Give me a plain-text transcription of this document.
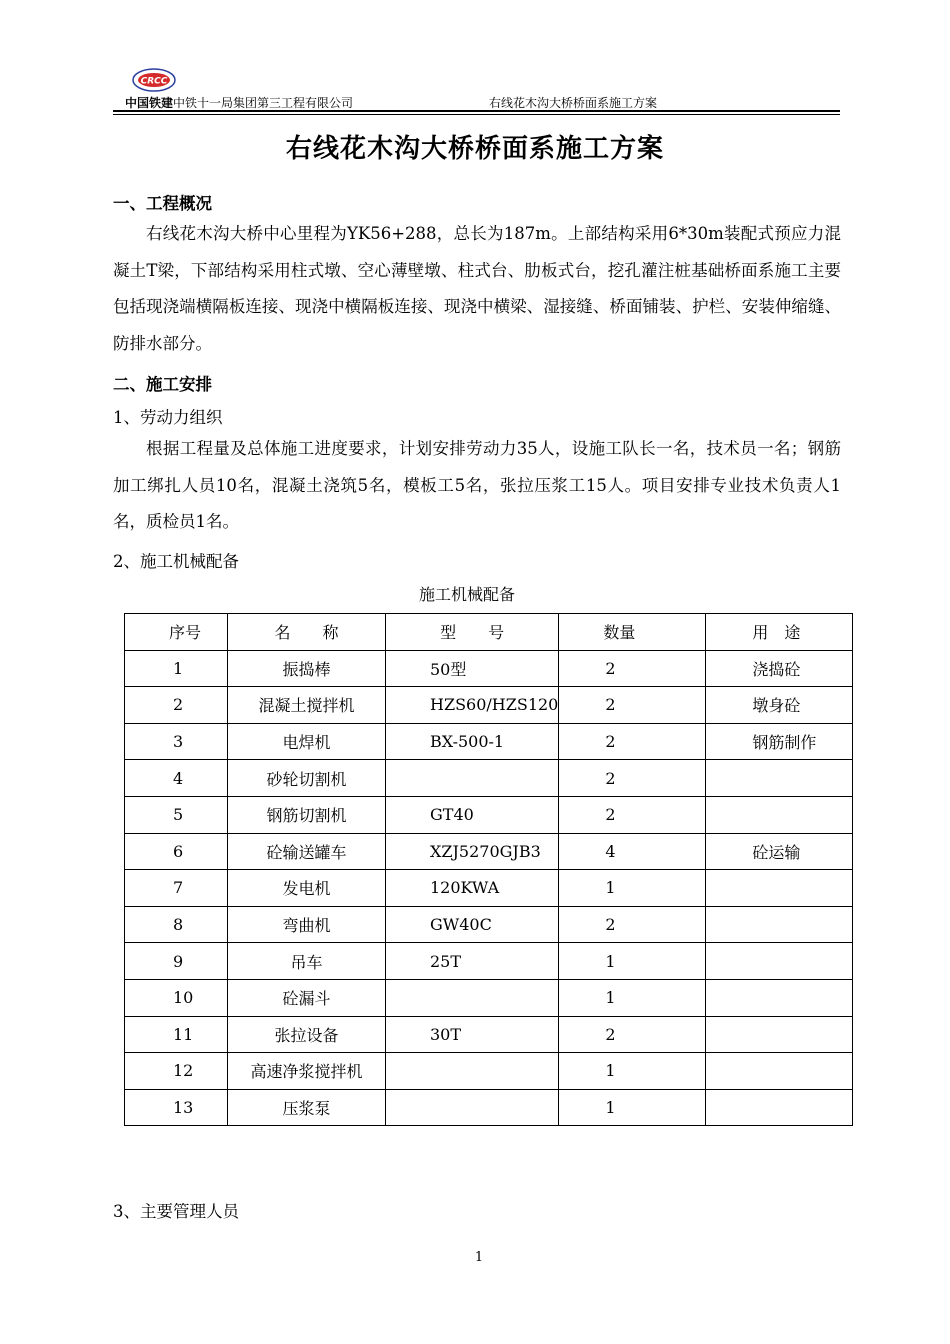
CRCC
中国铁建中铁十一局集团第三工程有限公司	右线花木沟大桥桥面系施工方案
右线花木沟大桥桥面系施工方案
一、工程概况
右线花木沟大桥中心里程为YK56+288，总长为187m。上部结构采用6*30m装配式预应力混凝土T梁，下部结构采用柱式墩、空心薄壁墩、柱式台、肋板式台，挖孔灌注桩基础桥面系施工主要包括现浇端横隔板连接、现浇中横隔板连接、现浇中横梁、湿接缝、桥面铺装、护栏、安装伸缩缝、防排水部分。
二、施工安排
1、劳动力组织
根据工程量及总体施工进度要求，计划安排劳动力35人，设施工队长一名，技术员一名；钢筋加工绑扎人员10名，混凝土浇筑5名，模板工5名，张拉压浆工15人。项目安排专业技术负责人1名，质检员1名。
2、施工机械配备
施工机械配备
序号	名　　称	型　　号	数量	用　途
1	振捣棒	50型	2	浇捣砼
2	混凝土搅拌机	HZS60/HZS120	2	墩身砼
3	电焊机	BX-500-1	2	钢筋制作
4	砂轮切割机		2	
5	钢筋切割机	GT40	2	
6	砼输送罐车	XZJ5270GJB3	4	砼运输
7	发电机	120KWA	1	
8	弯曲机	GW40C	2	
9	吊车	25T	1	
10	砼漏斗		1	
11	张拉设备	30T	2	
12	高速净浆搅拌机		1	
13	压浆泵		1	
3、主要管理人员
1
